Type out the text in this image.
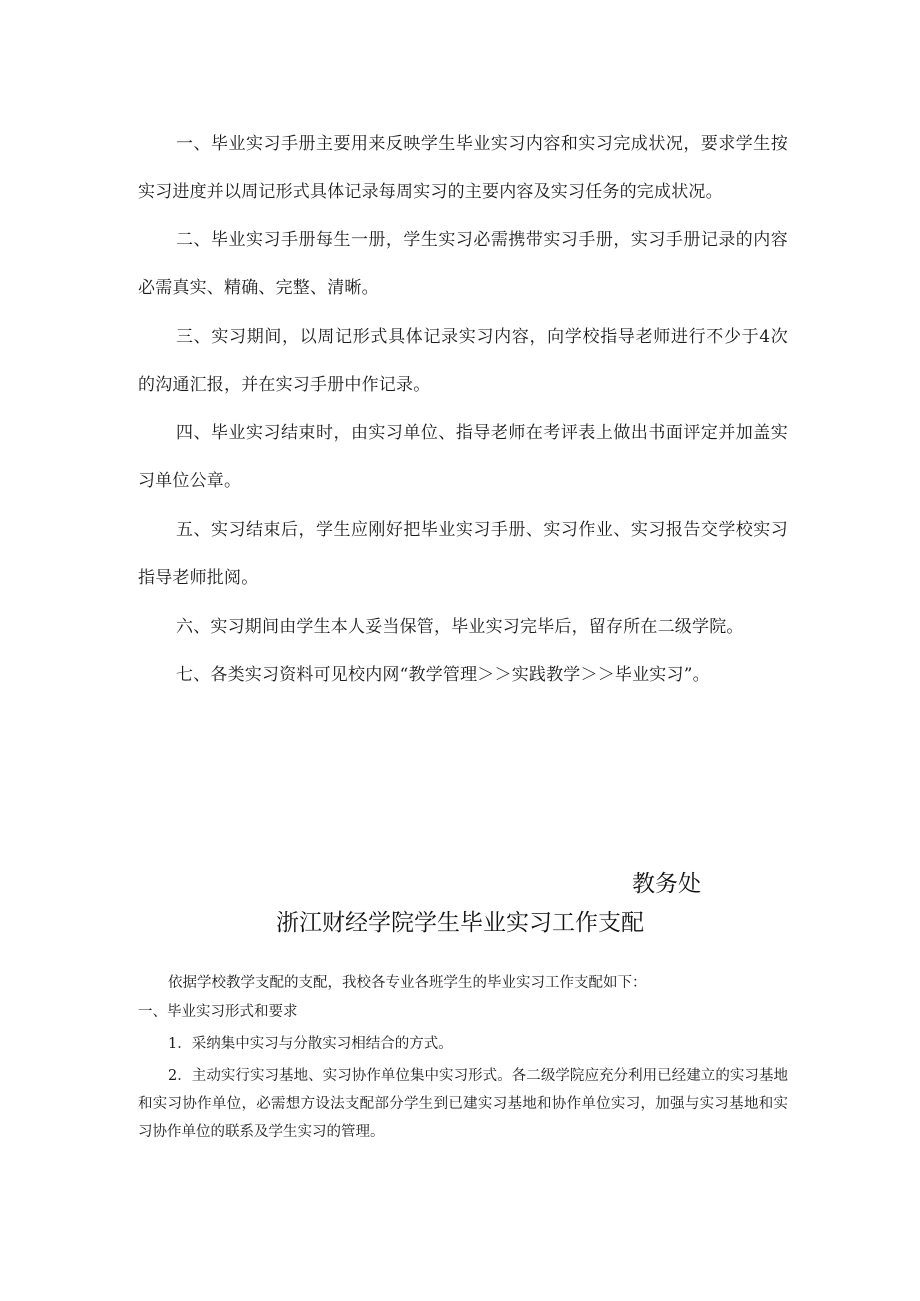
一、毕业实习手册主要用来反映学生毕业实习内容和实习完成状况，要求学生按实习进度并以周记形式具体记录每周实习的主要内容及实习任务的完成状况。

二、毕业实习手册每生一册，学生实习必需携带实习手册，实习手册记录的内容必需真实、精确、完整、清晰。

三、实习期间，以周记形式具体记录实习内容，向学校指导老师进行不少于4次的沟通汇报，并在实习手册中作记录。

四、毕业实习结束时，由实习单位、指导老师在考评表上做出书面评定并加盖实习单位公章。

五、实习结束后，学生应刚好把毕业实习手册、实习作业、实习报告交学校实习指导老师批阅。

六、实习期间由学生本人妥当保管，毕业实习完毕后，留存所在二级学院。

七、各类实习资料可见校内网“教学管理＞＞实践教学＞＞毕业实习”。

教务处

浙江财经学院学生毕业实习工作支配

依据学校教学支配的支配，我校各专业各班学生的毕业实习工作支配如下：

一、毕业实习形式和要求

1．采纳集中实习与分散实习相结合的方式。

2．主动实行实习基地、实习协作单位集中实习形式。各二级学院应充分利用已经建立的实习基地和实习协作单位，必需想方设法支配部分学生到已建实习基地和协作单位实习，加强与实习基地和实习协作单位的联系及学生实习的管理。
